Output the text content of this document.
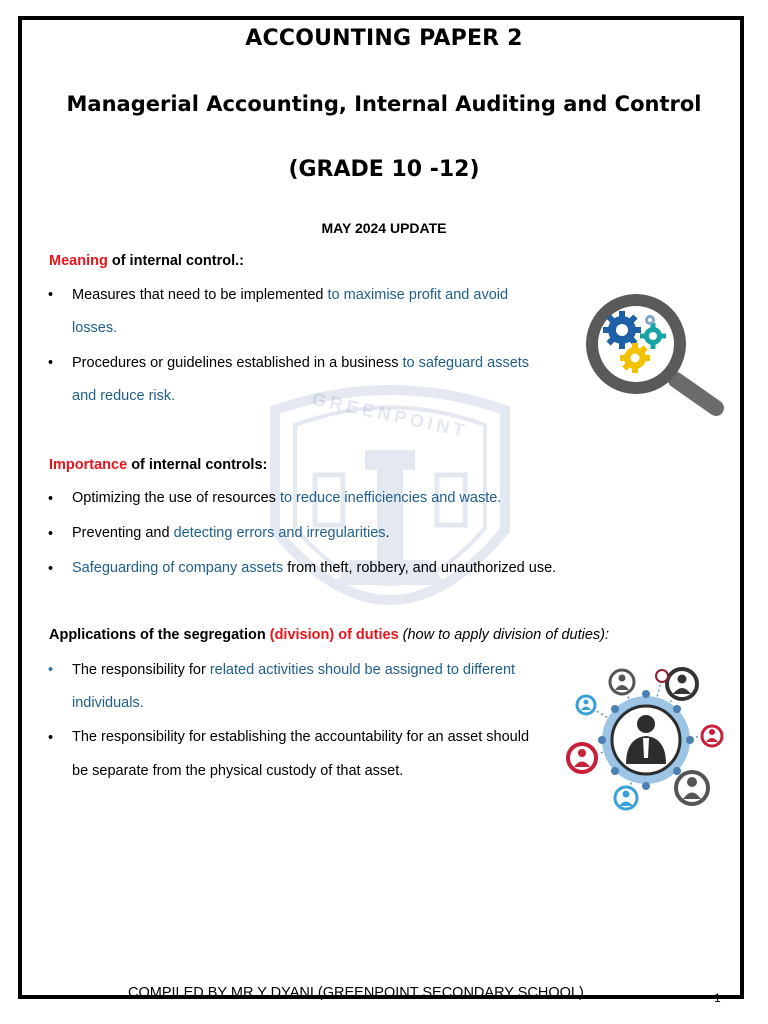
GREENPOINT
ACCOUNTING PAPER 2
Managerial Accounting, Internal Auditing and Control
(GRADE 10 -12)
MAY 2024 UPDATE
Meaning of internal control.:
• Measures that need to be implemented to maximise profit and avoid
losses.
• Procedures or guidelines established in a business to safeguard assets
and reduce risk.
Importance of internal controls:
• Optimizing the use of resources to reduce inefficiencies and waste.
• Preventing and detecting errors and irregularities.
• Safeguarding of company assets from theft, robbery, and unauthorized use.
Applications of the segregation (division) of duties (how to apply division of duties):
• The responsibility for related activities should be assigned to different
individuals.
• The responsibility for establishing the accountability for an asset should
be separate from the physical custody of that asset.
COMPILED BY MR Y DYANI (GREENPOINT SECONDARY SCHOOL)	1
